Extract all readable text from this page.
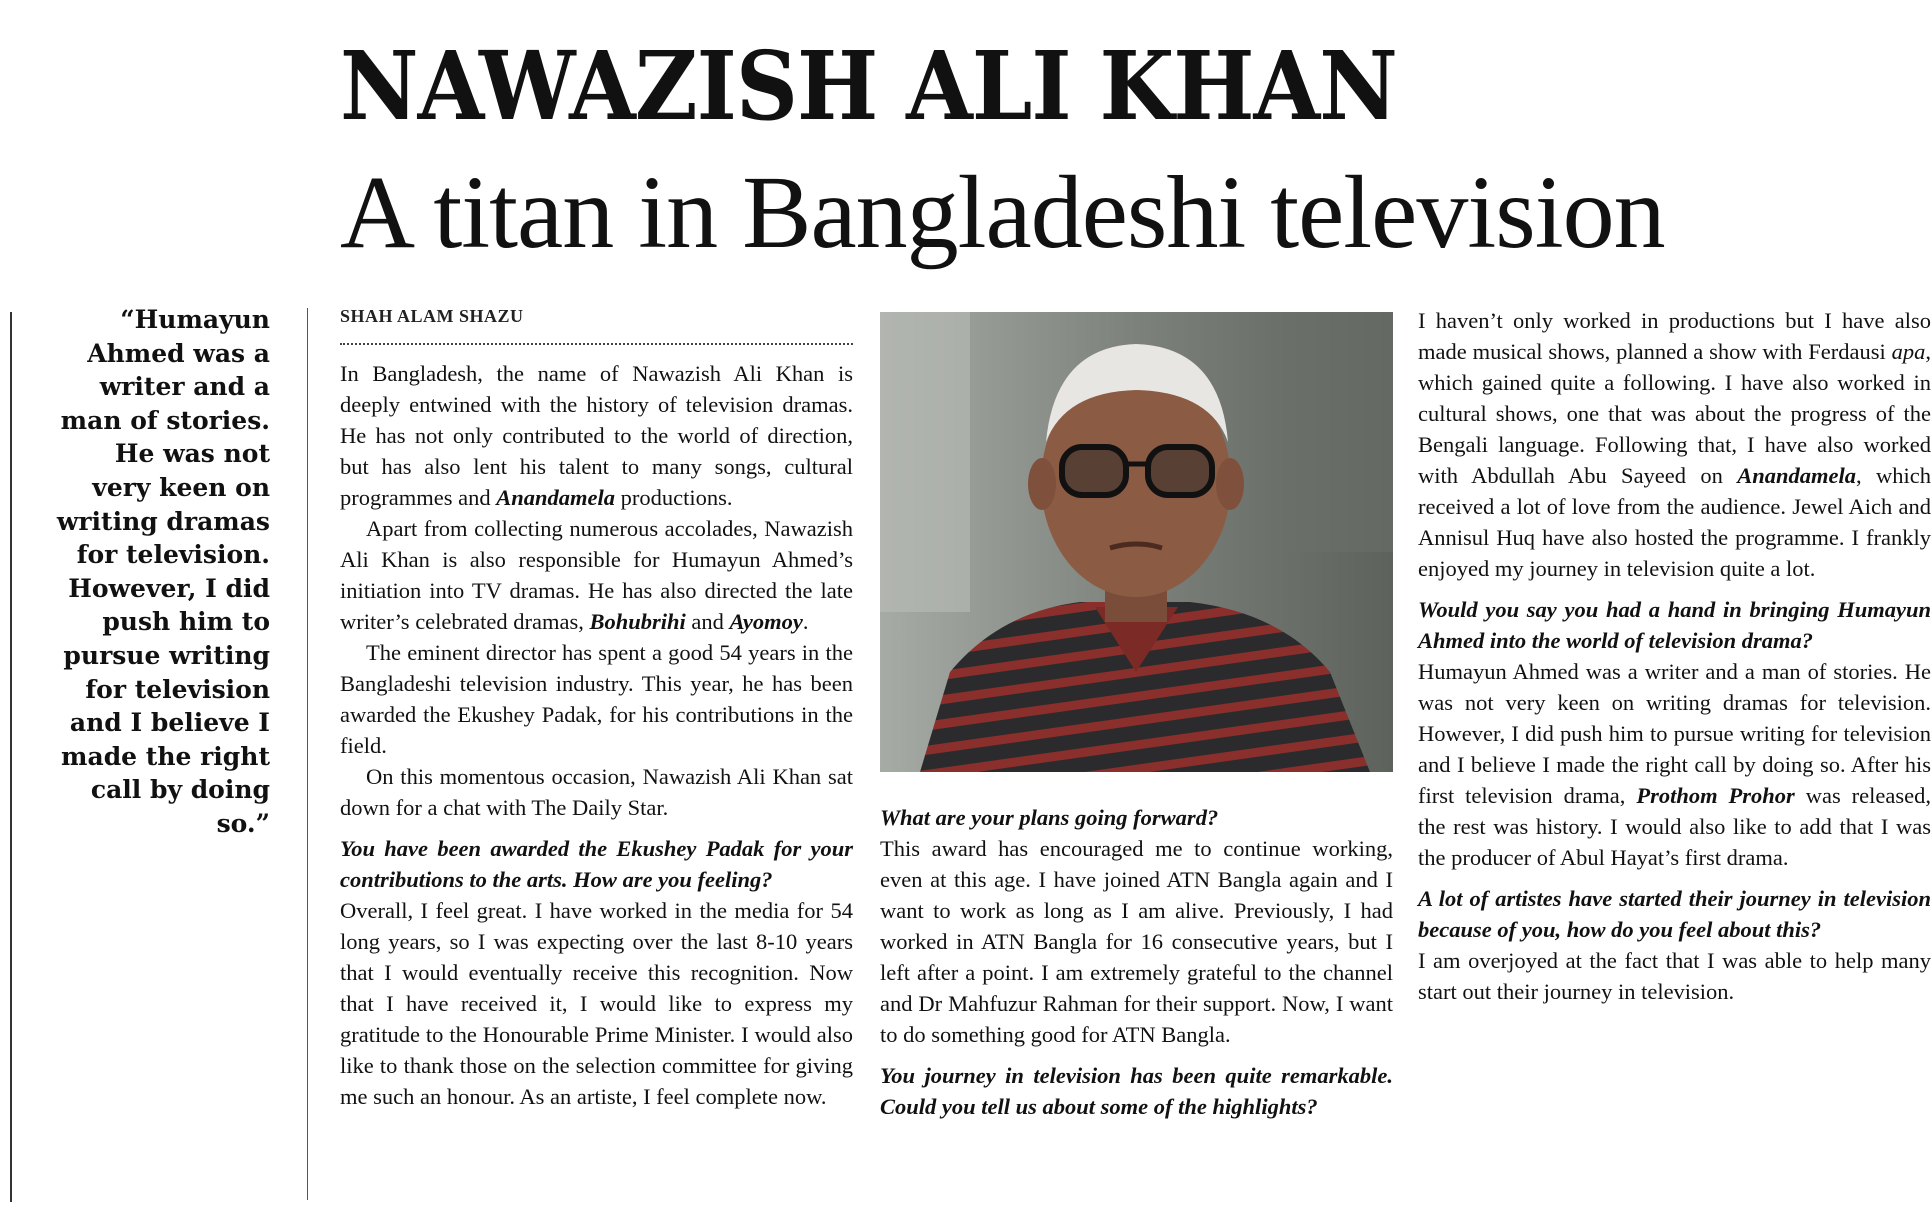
NAWAZISH ALI KHAN
A titan in Bangladeshi television

“Humayun Ahmed was a writer and a man of stories. He was not very keen on writing dramas for television. However, I did push him to pursue writing for television and I believe I made the right call by doing so.”

SHAH ALAM SHAZU

In Bangladesh, the name of Nawazish Ali Khan is deeply entwined with the history of television dramas. He has not only contributed to the world of direction, but has also lent his talent to many songs, cultural programmes and Anandamela productions.

Apart from collecting numerous accolades, Nawazish Ali Khan is also responsible for Humayun Ahmed’s initiation into TV dramas. He has also directed the late writer’s celebrated dramas, Bohubrihi and Ayomoy.

The eminent director has spent a good 54 years in the Bangladeshi television industry. This year, he has been awarded the Ekushey Padak, for his contributions in the field.

On this momentous occasion, Nawazish Ali Khan sat down for a chat with The Daily Star.

You have been awarded the Ekushey Padak for your contributions to the arts. How are you feeling?

Overall, I feel great. I have worked in the media for 54 long years, so I was expecting over the last 8-10 years that I would eventually receive this recognition. Now that I have received it, I would like to express my gratitude to the Honourable Prime Minister. I would also like to thank those on the selection committee for giving me such an honour. As an artiste, I feel complete now.

What are your plans going forward?

This award has encouraged me to continue working, even at this age. I have joined ATN Bangla again and I want to work as long as I am alive. Previously, I had worked in ATN Bangla for 16 consecutive years, but I left after a point. I am extremely grateful to the channel and Dr Mahfuzur Rahman for their support. Now, I want to do something good for ATN Bangla.

You journey in television has been quite remarkable. Could you tell us about some of the highlights?

I haven’t only worked in productions but I have also made musical shows, planned a show with Ferdausi apa, which gained quite a following. I have also worked in cultural shows, one that was about the progress of the Bengali language. Following that, I have also worked with Abdullah Abu Sayeed on Anandamela, which received a lot of love from the audience. Jewel Aich and Annisul Huq have also hosted the programme. I frankly enjoyed my journey in television quite a lot.

Would you say you had a hand in bringing Humayun Ahmed into the world of television drama?

Humayun Ahmed was a writer and a man of stories. He was not very keen on writing dramas for television. However, I did push him to pursue writing for television and I believe I made the right call by doing so. After his first television drama, Prothom Prohor was released, the rest was history. I would also like to add that I was the producer of Abul Hayat’s first drama.

A lot of artistes have started their journey in television because of you, how do you feel about this?

I am overjoyed at the fact that I was able to help many start out their journey in television.
